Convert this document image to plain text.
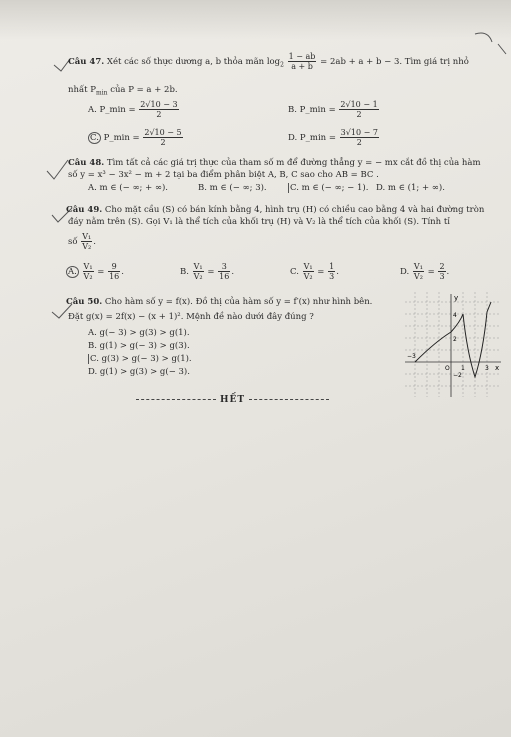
Câu 47. Xét các số thực dương a, b thỏa mãn $\log_2 \frac{1 - ab}{a + b} = 2ab + a + b - 3$. Tìm giá trị nhỏ
nhất $P_{min}$ của P = a + 2b.
A. P_min = $\frac{2√10 - 3}{2}$	B. P_min = $\frac{2√10 - 1}{2}$
C. P_min = $\frac{2√10 - 5}{2}$	D. P_min = $\frac{3√10 - 7}{2}$
Câu 48. Tìm tất cả các giá trị thực của tham số m để đường thẳng y = − mx cắt đồ thị của hàm
số y = x³ − 3x² − m + 2 tại ba điểm phân biệt A, B, C sao cho AB = BC .
A. m ∈ (− ∞; + ∞).	B. m ∈ (− ∞; 3).	C. m ∈ (− ∞; − 1). D. m ∈ (1; + ∞).
Câu 49. Cho mặt cầu (S) có bán kính bằng 4, hình trụ (H) có chiều cao bằng 4 và hai đường tròn
đáy nằm trên (S). Gọi V₁ là thể tích của khối trụ (H) và V₂ là thể tích của khối (S). Tính tỉ
số $\frac{\text{V₁}}{\text{V₂}}$ .
A. $\frac{\text{V₁}}{\text{V₂}} = \frac{9}{16}$ .	B. $\frac{\text{V₁}}{\text{V₂}} = \frac{3}{16}$ .	C. $\frac{\text{V₁}}{\text{V₂}} = \frac{1}{3}$ .	D. $\frac{\text{V₁}}{\text{V₂}} = \frac{2}{3}$ .
Câu 50. Cho hàm số y = f(x). Đồ thị của hàm số y = f′(x) như hình bên.
Đặt g(x) = 2f(x) − (x + 1)². Mệnh đề nào dưới đây đúng ?
A. g(− 3) > g(3) > g(1).
B. g(1) > g(− 3) > g(3).
C. g(3) > g(− 3) > g(1).
D. g(1) > g(3) > g(− 3).
y
x
O
4
2
−2
−3
1	3
HẾT
